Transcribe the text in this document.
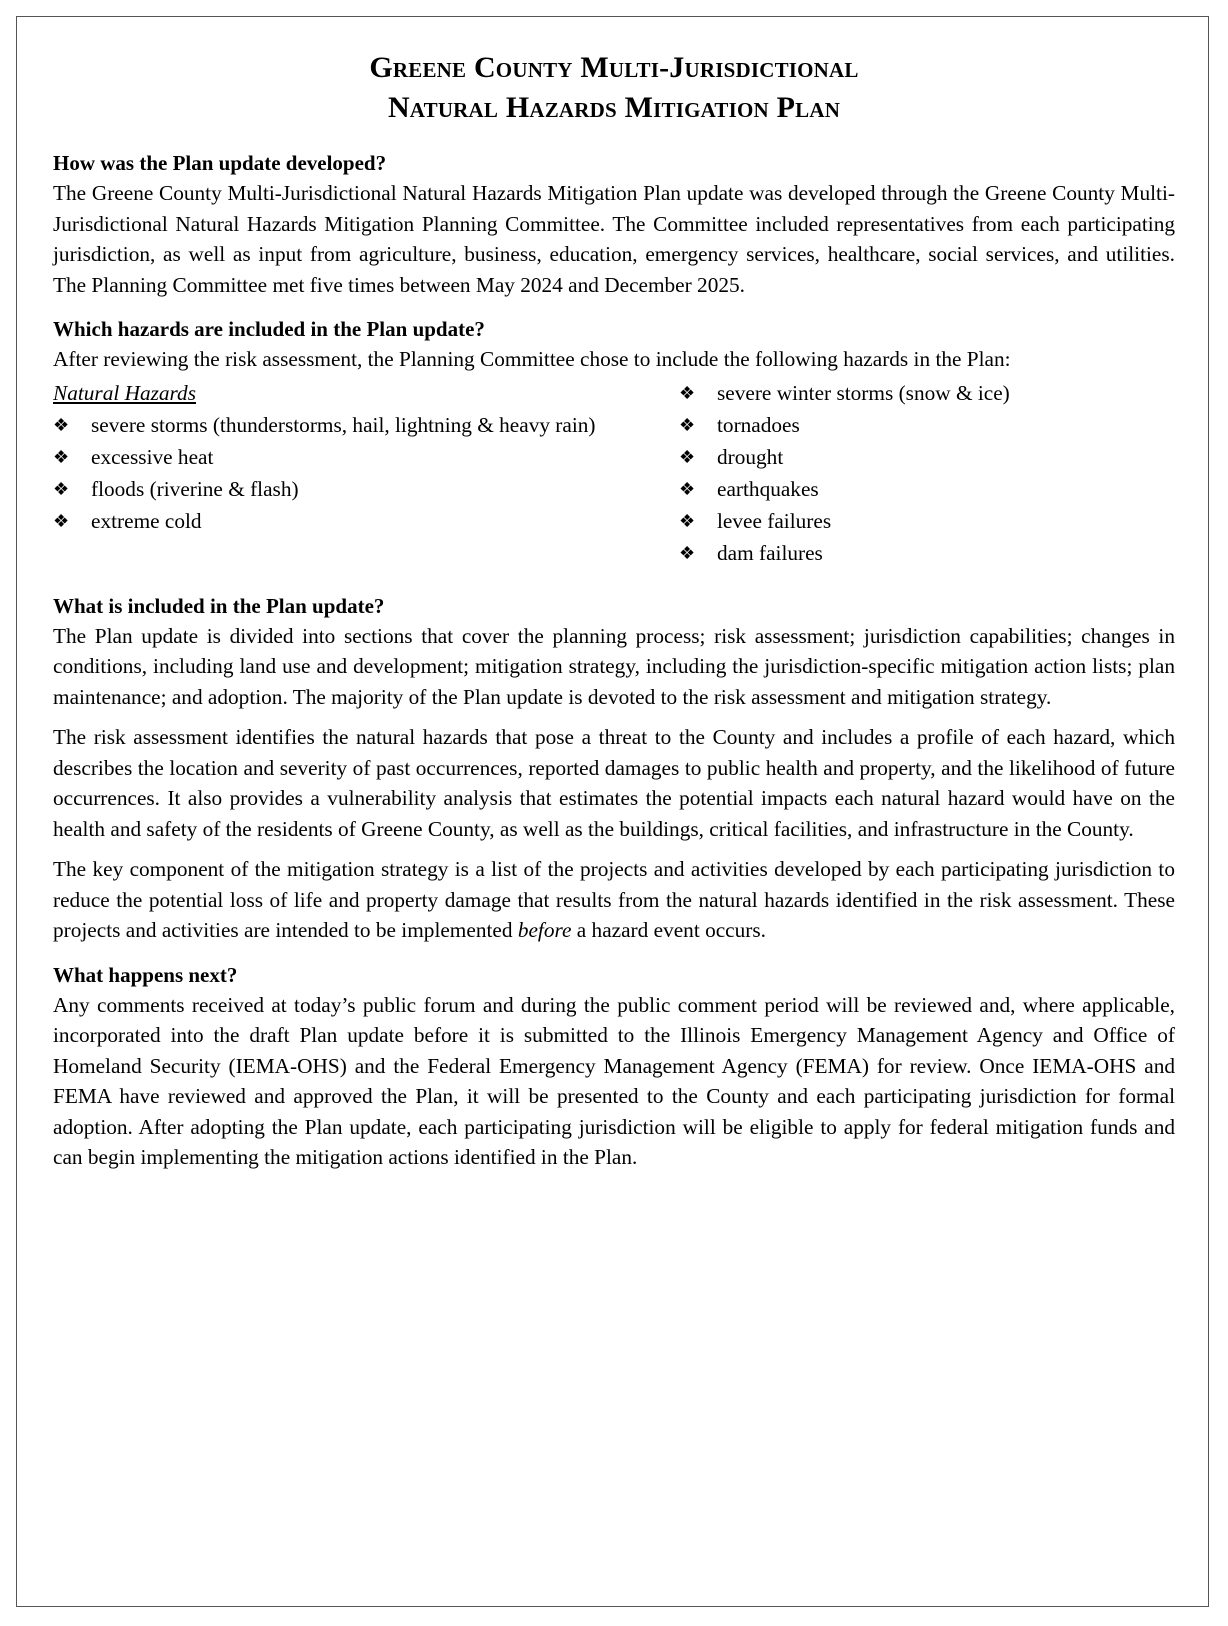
Greene County Multi-Jurisdictional
Natural Hazards Mitigation Plan
How was the Plan update developed?

The Greene County Multi-Jurisdictional Natural Hazards Mitigation Plan update was developed through the Greene County Multi-Jurisdictional Natural Hazards Mitigation Planning Committee. The Committee included representatives from each participating jurisdiction, as well as input from agriculture, business, education, emergency services, healthcare, social services, and utilities. The Planning Committee met five times between May 2024 and December 2025.

Which hazards are included in the Plan update?

After reviewing the risk assessment, the Planning Committee chose to include the following hazards in the Plan:

Natural Hazards
❖	severe storms (thunderstorms, hail, lightning & heavy rain)
❖	excessive heat
❖	floods (riverine & flash)
❖	extreme cold
❖	severe winter storms (snow & ice)
❖	tornadoes
❖	drought
❖	earthquakes
❖	levee failures
❖	dam failures
What is included in the Plan update?

The Plan update is divided into sections that cover the planning process; risk assessment; jurisdiction capabilities; changes in conditions, including land use and development; mitigation strategy, including the jurisdiction-specific mitigation action lists; plan maintenance; and adoption. The majority of the Plan update is devoted to the risk assessment and mitigation strategy.

The risk assessment identifies the natural hazards that pose a threat to the County and includes a profile of each hazard, which describes the location and severity of past occurrences, reported damages to public health and property, and the likelihood of future occurrences. It also provides a vulnerability analysis that estimates the potential impacts each natural hazard would have on the health and safety of the residents of Greene County, as well as the buildings, critical facilities, and infrastructure in the County.

The key component of the mitigation strategy is a list of the projects and activities developed by each participating jurisdiction to reduce the potential loss of life and property damage that results from the natural hazards identified in the risk assessment. These projects and activities are intended to be implemented before a hazard event occurs.

What happens next?

Any comments received at today’s public forum and during the public comment period will be reviewed and, where applicable, incorporated into the draft Plan update before it is submitted to the Illinois Emergency Management Agency and Office of Homeland Security (IEMA-OHS) and the Federal Emergency Management Agency (FEMA) for review. Once IEMA-OHS and FEMA have reviewed and approved the Plan, it will be presented to the County and each participating jurisdiction for formal adoption. After adopting the Plan update, each participating jurisdiction will be eligible to apply for federal mitigation funds and can begin implementing the mitigation actions identified in the Plan.
